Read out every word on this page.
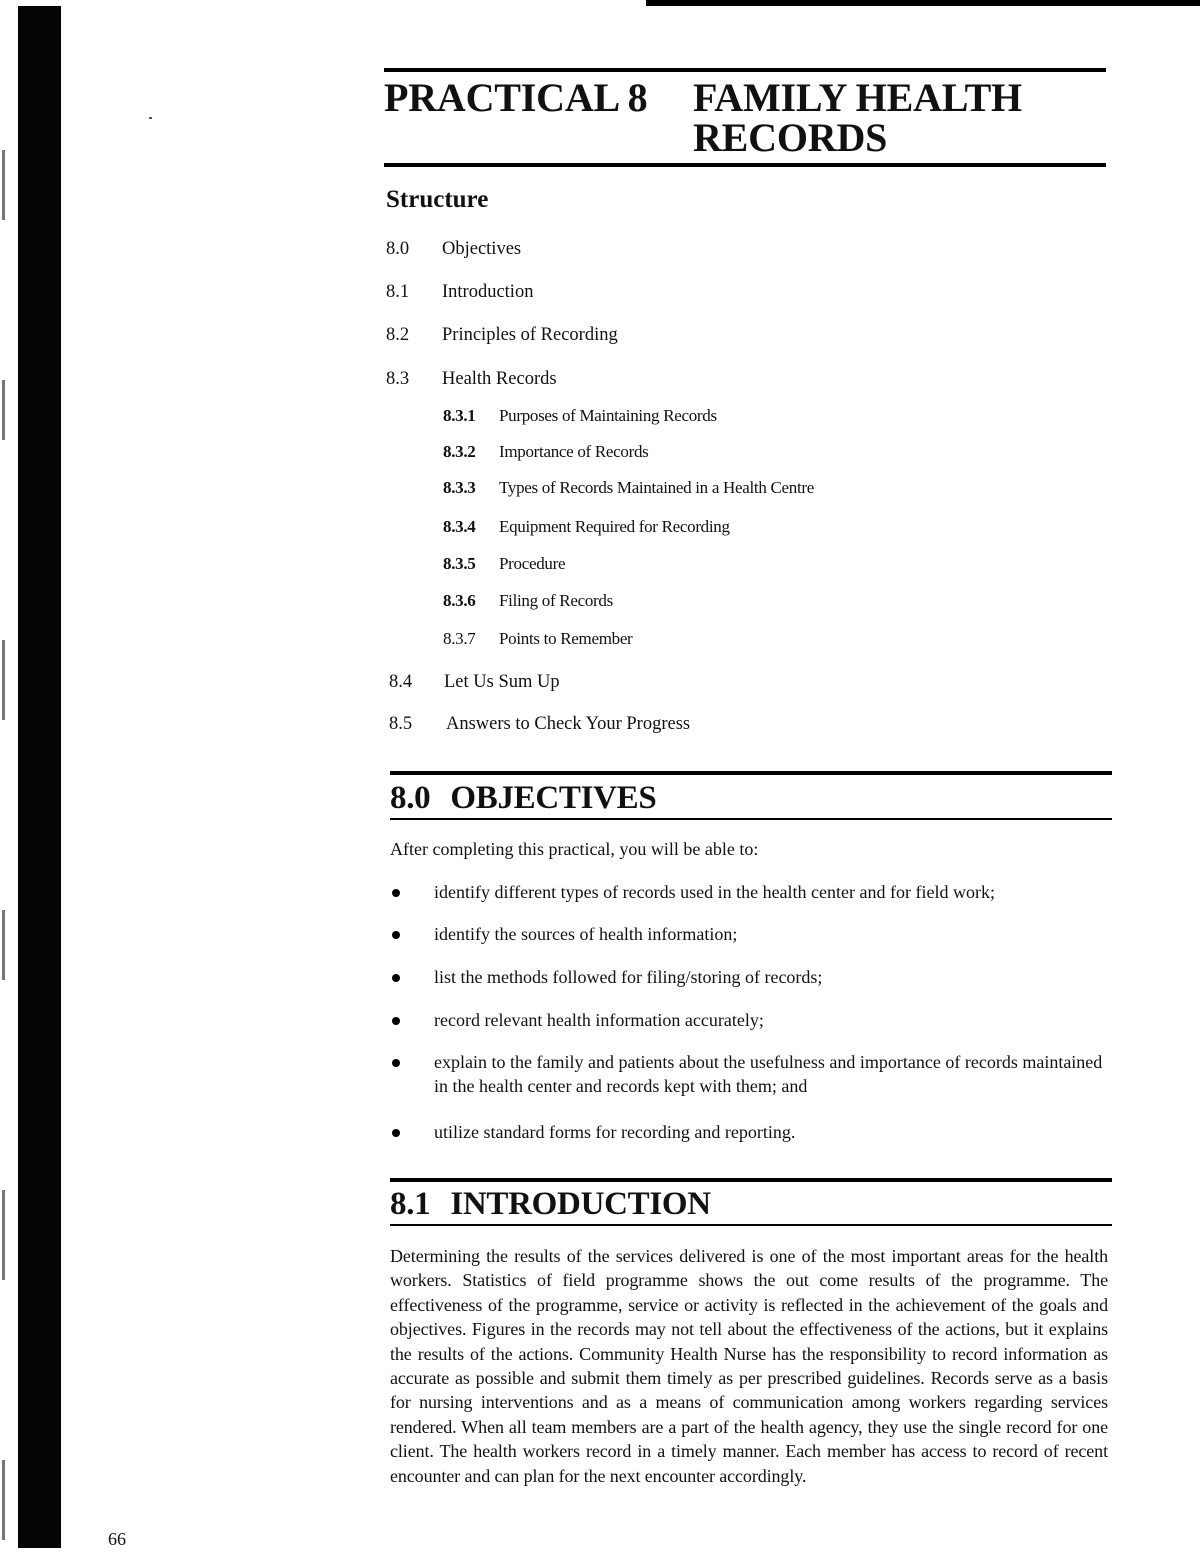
PRACTICAL 8 FAMILY HEALTH
RECORDS
Structure
8.0 Objectives
8.1 Introduction
8.2 Principles of Recording
8.3 Health Records
8.3.1 Purposes of Maintaining Records
8.3.2 Importance of Records
8.3.3 Types of Records Maintained in a Health Centre
8.3.4 Equipment Required for Recording
8.3.5 Procedure
8.3.6 Filing of Records
8.3.7 Points to Remember
8.4 Let Us Sum Up
8.5 Answers to Check Your Progress
8.0 OBJECTIVES

After completing this practical, you will be able to:

identify different types of records used in the health center and for field work;
identify the sources of health information;
list the methods followed for filing/storing of records;
record relevant health information accurately;
explain to the family and patients about the usefulness and importance of records maintained in the health center and records kept with them; and
utilize standard forms for recording and reporting.
8.1 INTRODUCTION

Determining the results of the services delivered is one of the most important areas for the health workers. Statistics of field programme shows the out come results of the programme. The effectiveness of the programme, service or activity is reflected in the achievement of the goals and objectives. Figures in the records may not tell about the effectiveness of the actions, but it explains the results of the actions. Community Health Nurse has the responsibility to record information as accurate as possible and submit them timely as per prescribed guidelines. Records serve as a basis for nursing interventions and as a means of communication among workers regarding services rendered. When all team members are a part of the health agency, they use the single record for one client. The health workers record in a timely manner. Each member has access to record of recent encounter and can plan for the next encounter accordingly.

66
